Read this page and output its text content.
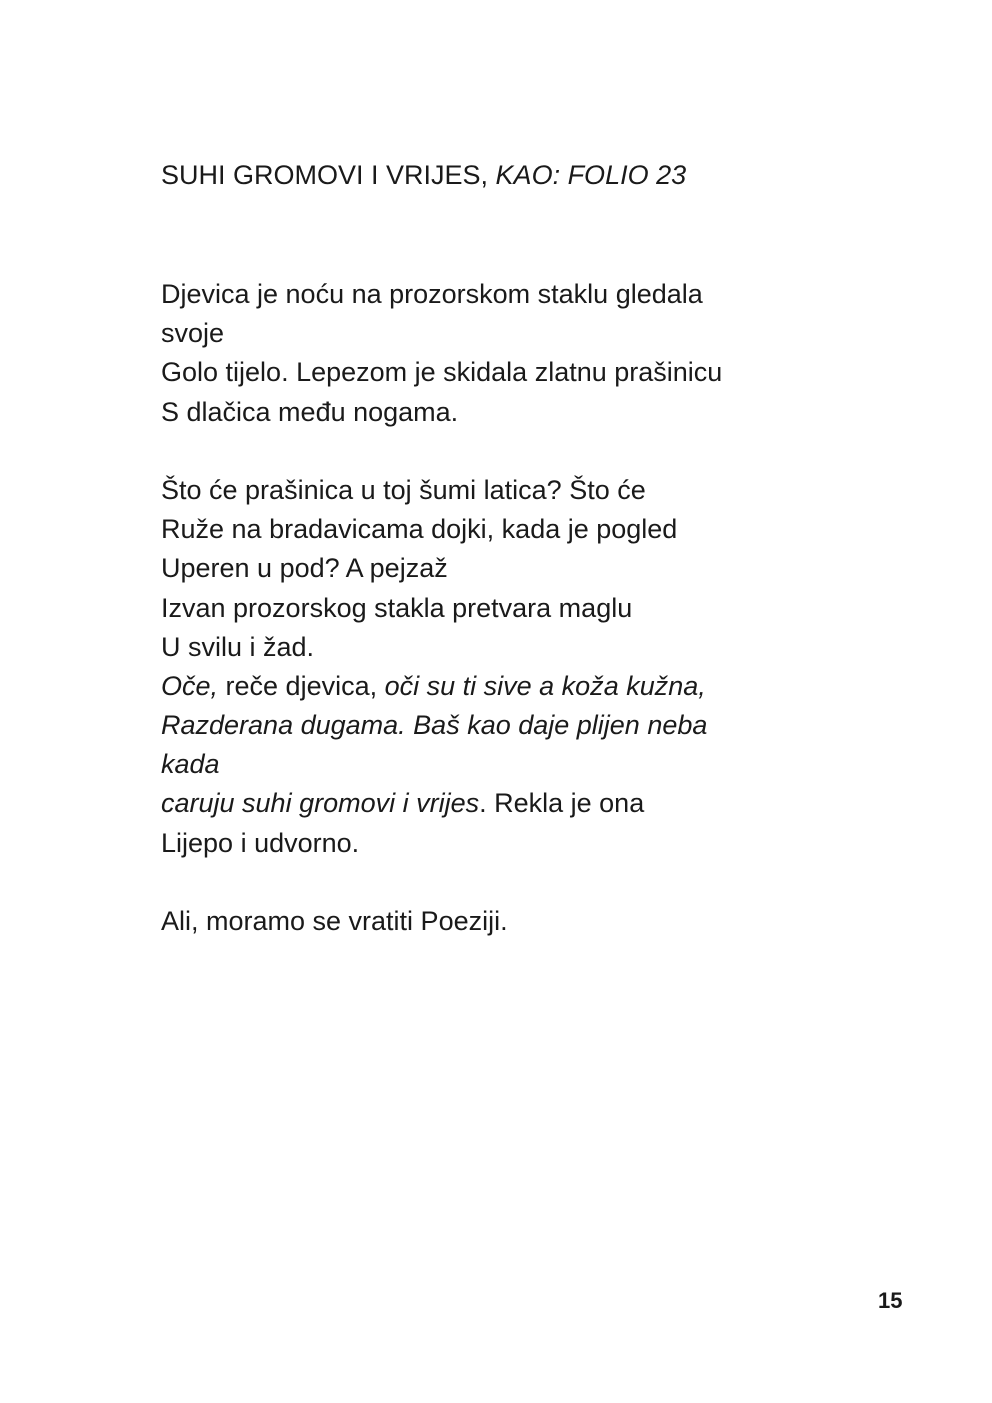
SUHI GROMOVI I VRIJES, KAO: FOLIO 23
Djevica je noću na prozorskom staklu gledala
svoje
Golo tijelo. Lepezom je skidala zlatnu prašinicu
S dlačica među nogama.
Što će prašinica u toj šumi latica? Što će
Ruže na bradavicama dojki, kada je pogled
Uperen u pod? A pejzaž
Izvan prozorskog stakla pretvara maglu
U svilu i žad.
Oče, reče djevica, oči su ti sive a koža kužna,
Razderana dugama. Baš kao daje plijen neba
kada
caruju suhi gromovi i vrijes. Rekla je ona
Lijepo i udvorno.
Ali, moramo se vratiti Poeziji.
15
